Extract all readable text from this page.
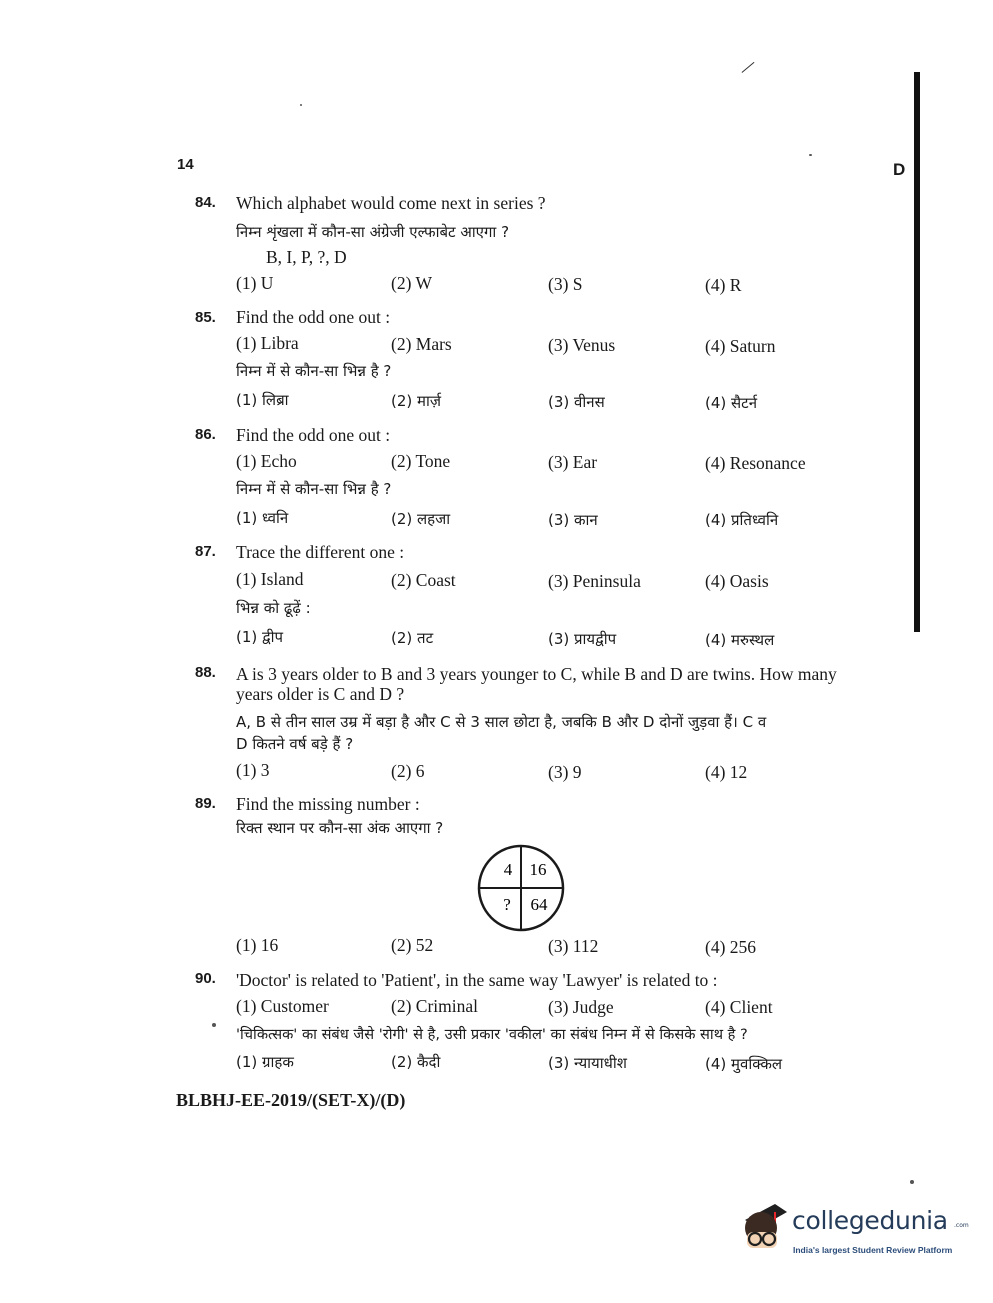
14	D
84. Which alphabet would come next in series ?
निम्न शृंखला में कौन-सा अंग्रेजी एल्फाबेट आएगा ?
B, I, P, ?, D
(1) U	(2) W	(3) S	(4) R
85. Find the odd one out :
(1) Libra	(2) Mars	(3) Venus	(4) Saturn
निम्न में से कौन-सा भिन्न है ?
(1) लिब्रा	(2) मार्ज़	(3) वीनस	(4) सैटर्न
86. Find the odd one out :
(1) Echo	(2) Tone	(3) Ear	(4) Resonance
निम्न में से कौन-सा भिन्न है ?
(1) ध्वनि	(2) लहजा	(3) कान	(4) प्रतिध्वनि
87. Trace the different one :
(1) Island	(2) Coast	(3) Peninsula	(4) Oasis
भिन्न को ढूढ़ें :
(1) द्वीप	(2) तट	(3) प्रायद्वीप	(4) मरुस्थल
88. A is 3 years older to B and 3 years younger to C, while B and D are twins. How many
years older is C and D ?
A, B से तीन साल उम्र में बड़ा है और C से 3 साल छोटा है, जबकि B और D दोनों जुड़वा हैं। C व
D कितने वर्ष बड़े हैं ?
(1) 3	(2) 6	(3) 9	(4) 12
89. Find the missing number :
रिक्त स्थान पर कौन-सा अंक आएगा ?
4 16
? 64
(1) 16	(2) 52	(3) 112	(4) 256
90. 'Doctor' is related to 'Patient', in the same way 'Lawyer' is related to :
(1) Customer	(2) Criminal	(3) Judge	(4) Client
'चिकित्सक' का संबंध जैसे 'रोगी' से है, उसी प्रकार 'वकील' का संबंध निम्न में से किसके साथ है ?
(1) ग्राहक	(2) कैदी	(3) न्यायाधीश	(4) मुवक्किल
BLBHJ-EE-2019/(SET-X)/(D)
collegedunia .com
India's largest Student Review Platform
